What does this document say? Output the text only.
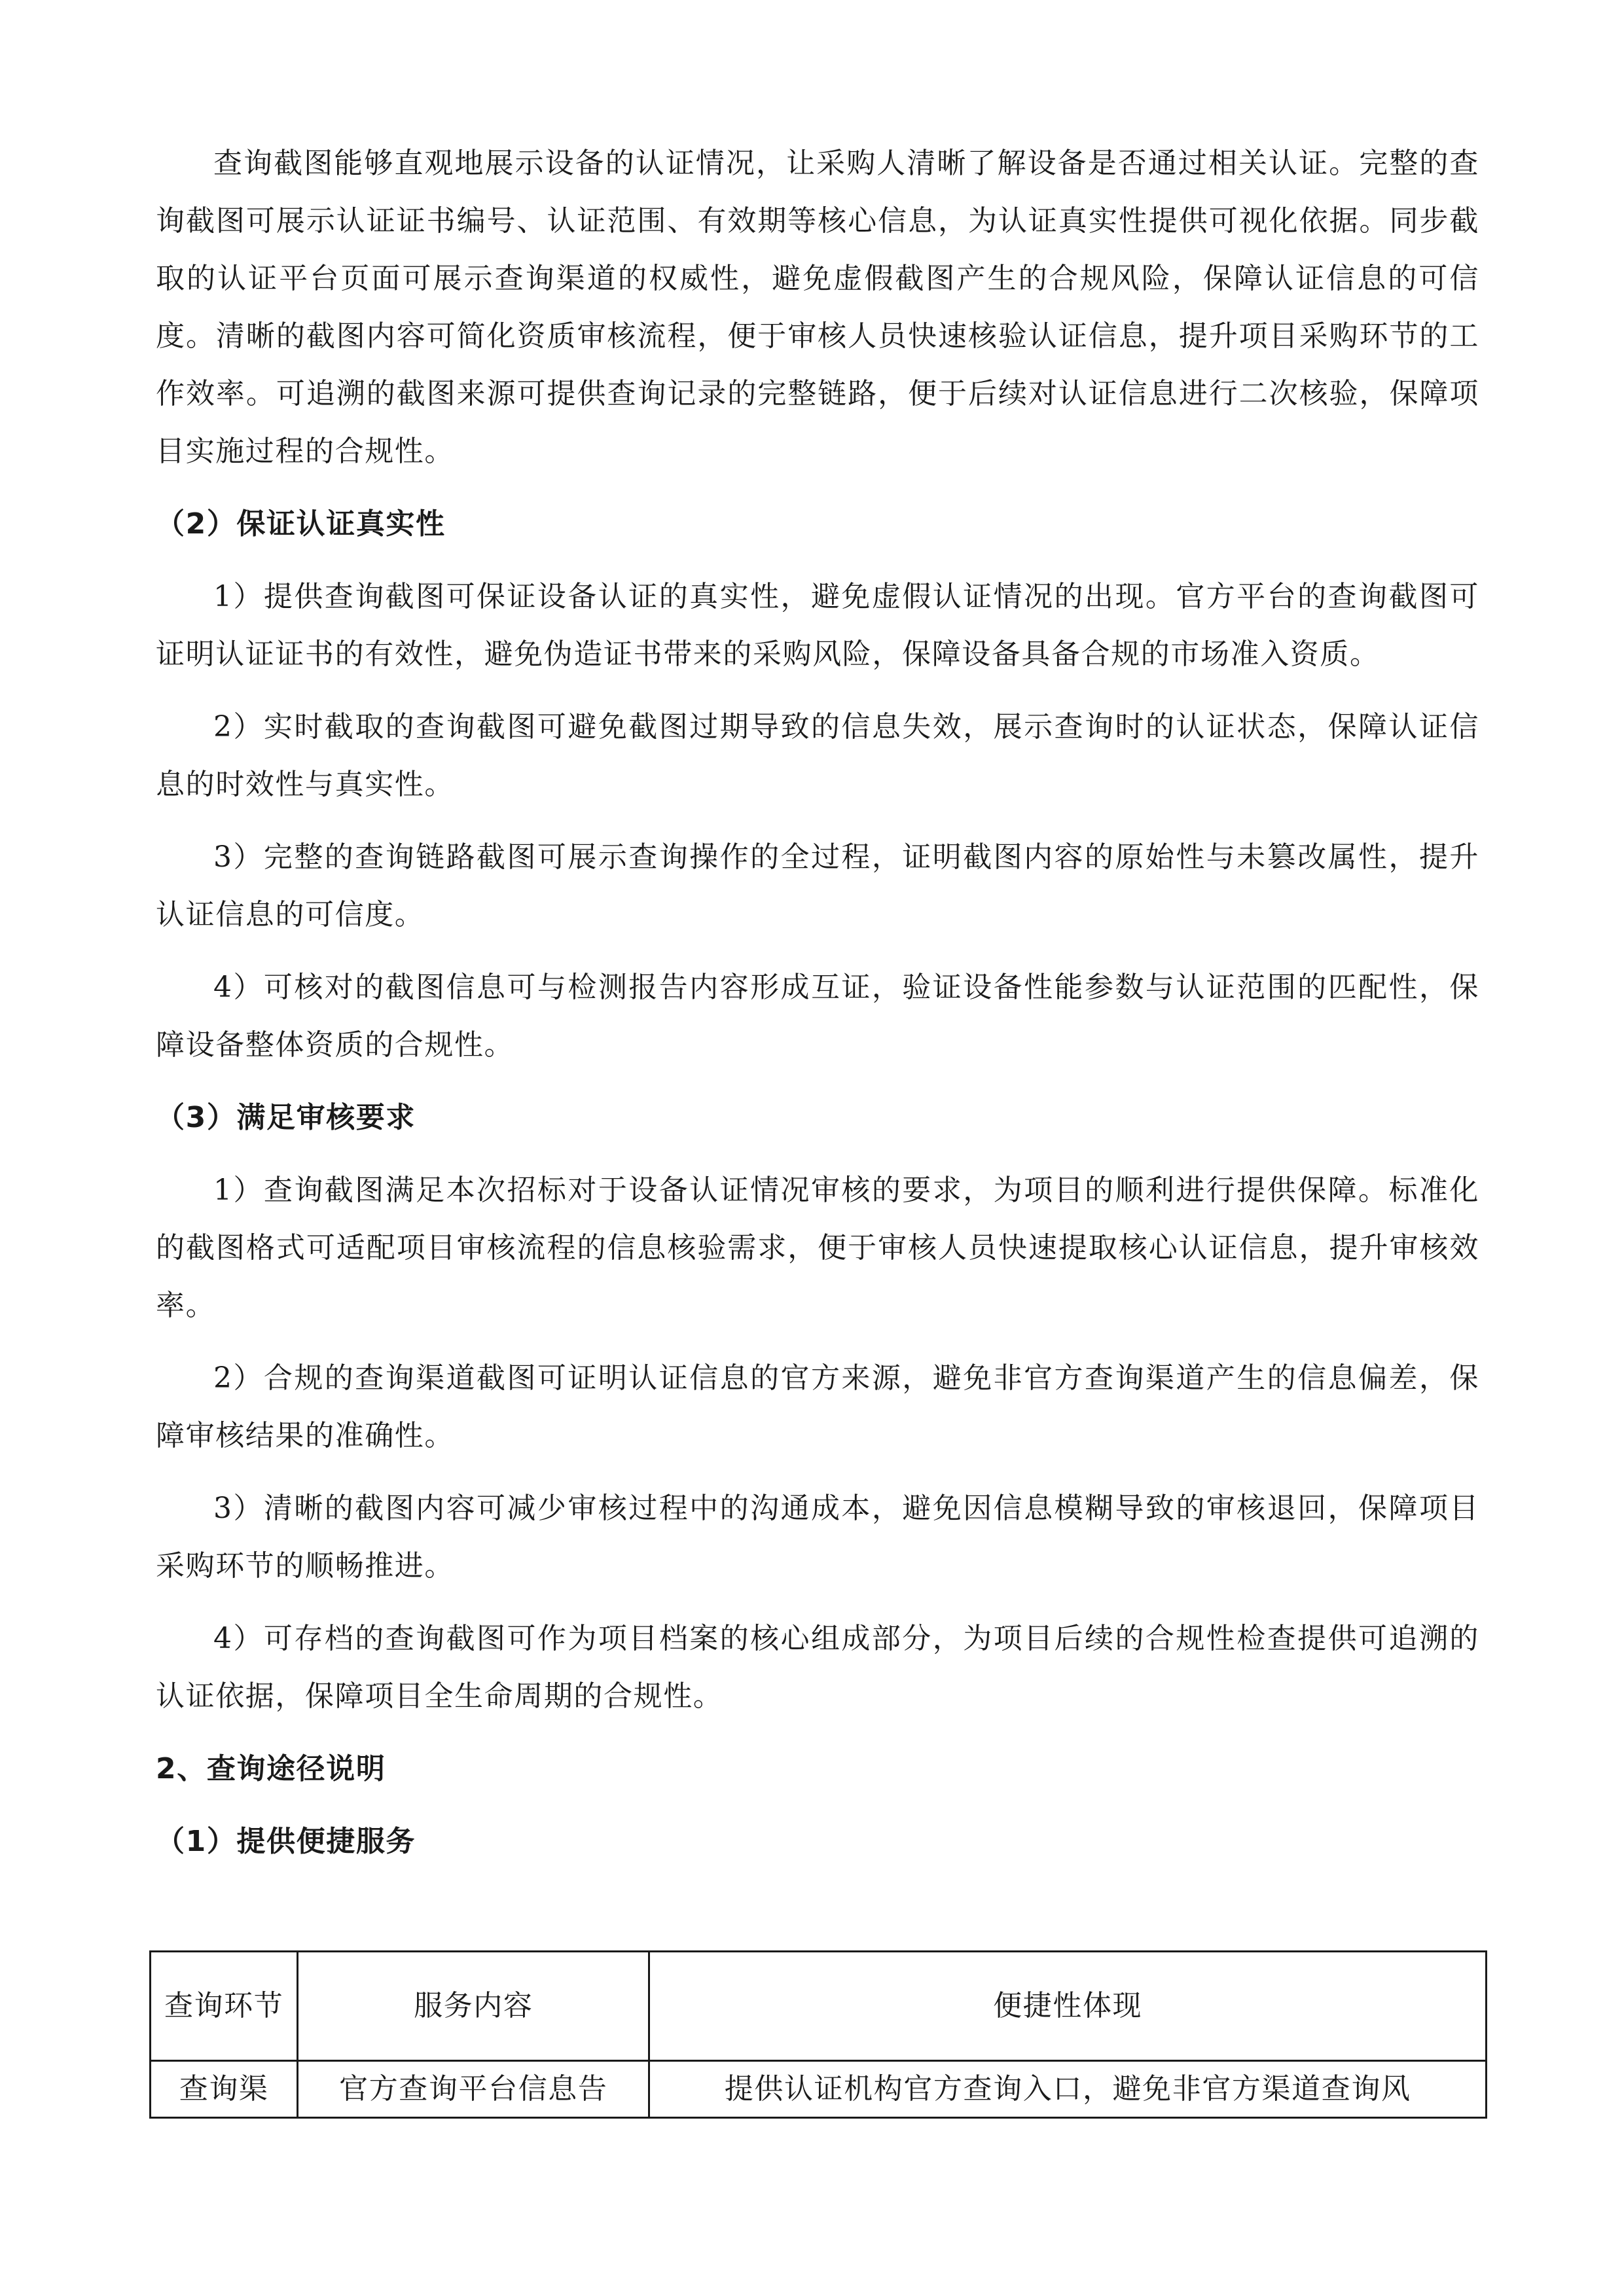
查询截图能够直观地展示设备的认证情况，让采购人清晰了解设备是否通过相关认证。完整的查询截图可展示认证证书编号、认证范围、有效期等核心信息，为认证真实性提供可视化依据。同步截取的认证平台页面可展示查询渠道的权威性，避免虚假截图产生的合规风险，保障认证信息的可信度。清晰的截图内容可简化资质审核流程，便于审核人员快速核验认证信息，提升项目采购环节的工作效率。可追溯的截图来源可提供查询记录的完整链路，便于后续对认证信息进行二次核验，保障项目实施过程的合规性。

（2）保证认证真实性

1）提供查询截图可保证设备认证的真实性，避免虚假认证情况的出现。官方平台的查询截图可证明认证证书的有效性，避免伪造证书带来的采购风险，保障设备具备合规的市场准入资质。

2）实时截取的查询截图可避免截图过期导致的信息失效，展示查询时的认证状态，保障认证信息的时效性与真实性。

3）完整的查询链路截图可展示查询操作的全过程，证明截图内容的原始性与未篡改属性，提升认证信息的可信度。

4）可核对的截图信息可与检测报告内容形成互证，验证设备性能参数与认证范围的匹配性，保障设备整体资质的合规性。

（3）满足审核要求

1）查询截图满足本次招标对于设备认证情况审核的要求，为项目的顺利进行提供保障。标准化的截图格式可适配项目审核流程的信息核验需求，便于审核人员快速提取核心认证信息，提升审核效率。

2）合规的查询渠道截图可证明认证信息的官方来源，避免非官方查询渠道产生的信息偏差，保障审核结果的准确性。

3）清晰的截图内容可减少审核过程中的沟通成本，避免因信息模糊导致的审核退回，保障项目采购环节的顺畅推进。

4）可存档的查询截图可作为项目档案的核心组成部分，为项目后续的合规性检查提供可追溯的认证依据，保障项目全生命周期的合规性。

2、查询途径说明

（1）提供便捷服务

查询环节	服务内容	便捷性体现
查询渠	官方查询平台信息告	提供认证机构官方查询入口，避免非官方渠道查询风
